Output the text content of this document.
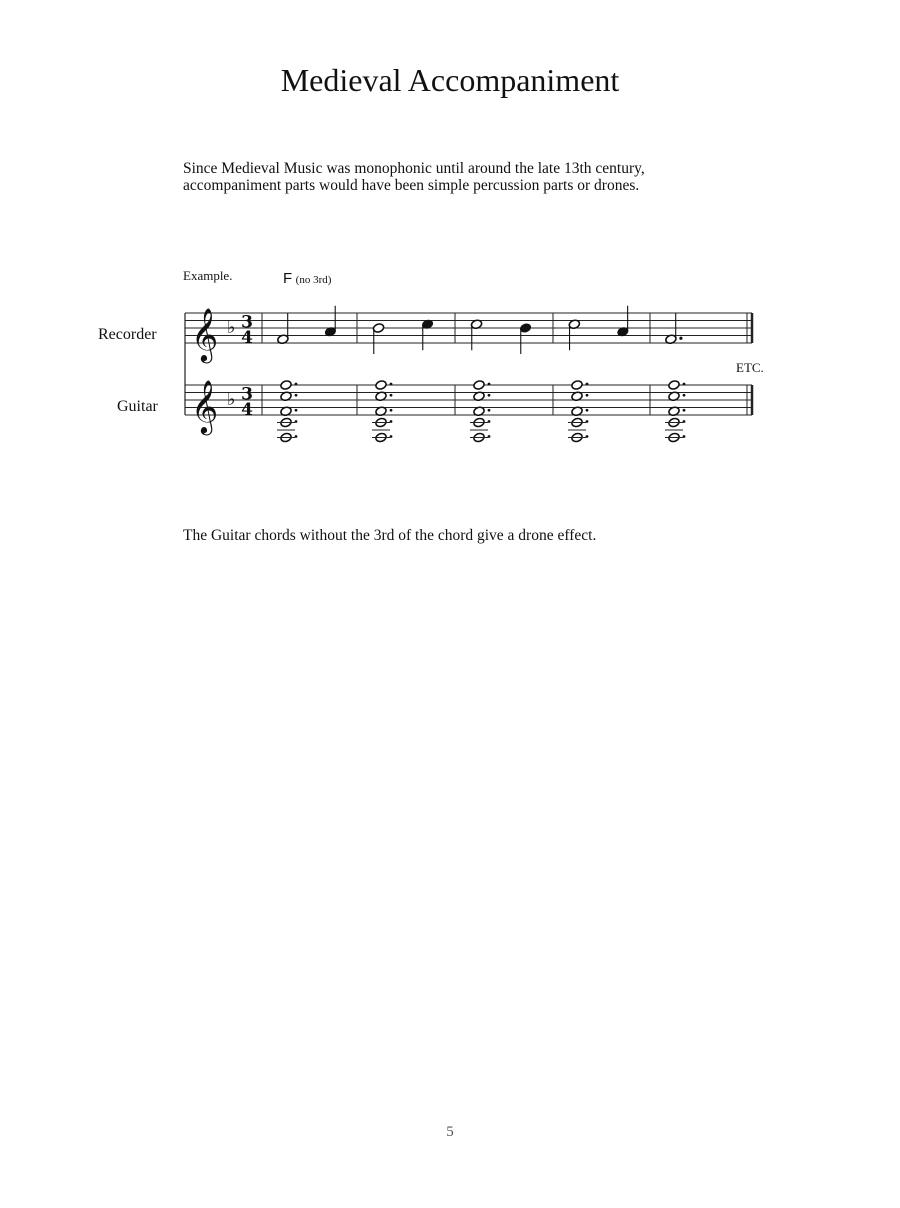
Medieval Accompaniment
Since Medieval Music was monophonic until around the late 13th century,
accompaniment parts would have been simple percussion parts or drones.
Example.	F (no 3rd)
Recorder
Guitar
ETC.
𝄞 ♭ 3
4
𝄞 ♭ 3
4
The Guitar chords without the 3rd of the chord give a drone effect.
5
